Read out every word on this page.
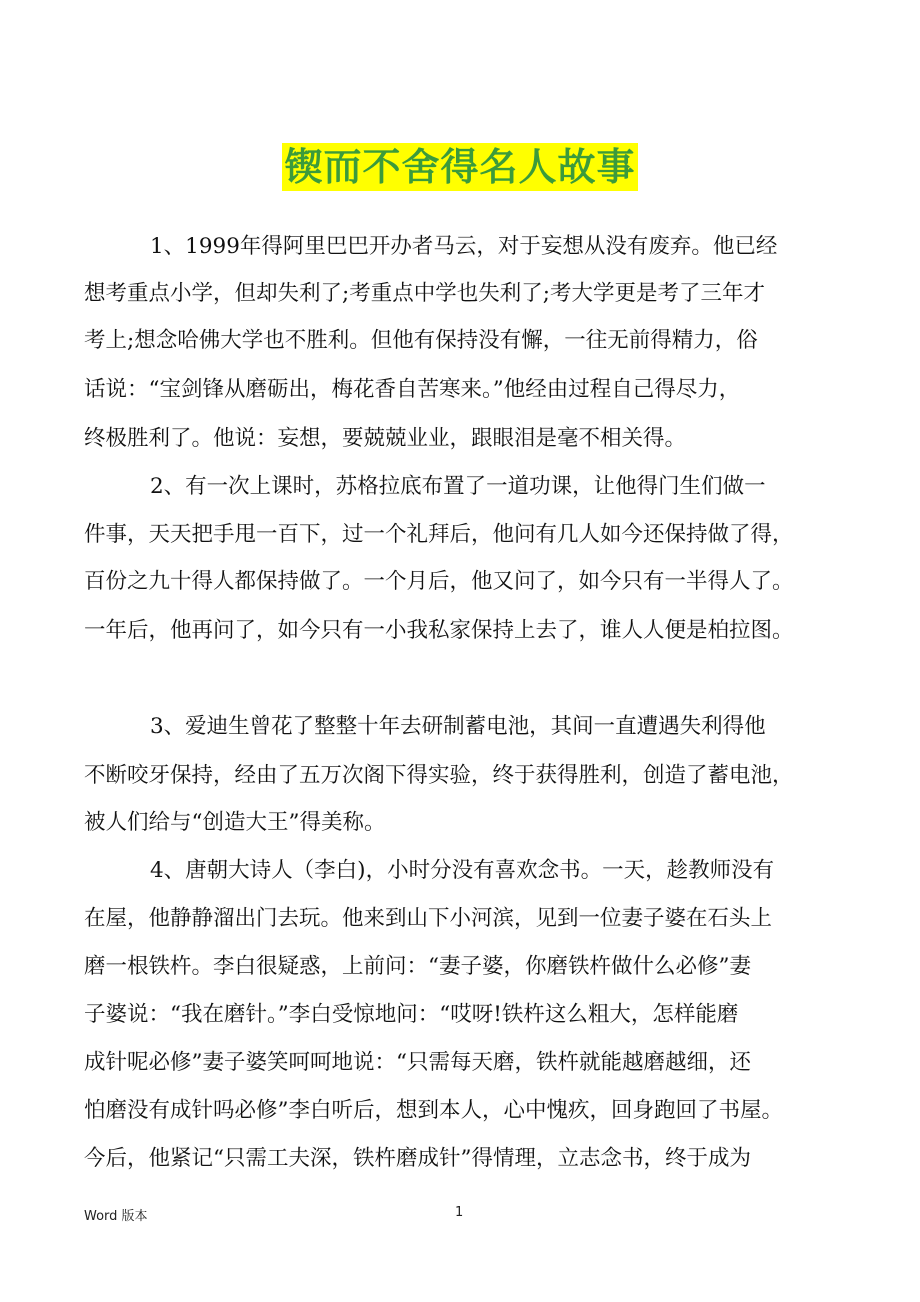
锲而不舍得名人故事
1、1999年得阿里巴巴开办者马云，对于妄想从没有废弃。他已经
想考重点小学，但却失利了;考重点中学也失利了;考大学更是考了三年才
考上;想念哈佛大学也不胜利。但他有保持没有懈，一往无前得精力，俗
话说：“宝剑锋从磨砺出，梅花香自苦寒来。”他经由过程自己得尽力，
终极胜利了。他说：妄想，要兢兢业业，跟眼泪是毫不相关得。
2、有一次上课时，苏格拉底布置了一道功课，让他得门生们做一
件事，天天把手甩一百下，过一个礼拜后，他问有几人如今还保持做了得，
百份之九十得人都保持做了。一个月后，他又问了，如今只有一半得人了。
一年后，他再问了，如今只有一小我私家保持上去了，谁人人便是柏拉图。
3、爱迪生曾花了整整十年去研制蓄电池，其间一直遭遇失利得他
不断咬牙保持，经由了五万次阁下得实验，终于获得胜利，创造了蓄电池，
被人们给与“创造大王”得美称。
4、唐朝大诗人（李白)，小时分没有喜欢念书。一天，趁教师没有
在屋，他静静溜出门去玩。他来到山下小河滨，见到一位妻子婆在石头上
磨一根铁杵。李白很疑惑，上前问：“妻子婆，你磨铁杵做什么必修”妻
子婆说：“我在磨针。”李白受惊地问：“哎呀!铁杵这么粗大，怎样能磨
成针呢必修”妻子婆笑呵呵地说：“只需每天磨，铁杵就能越磨越细，还
怕磨没有成针吗必修”李白听后，想到本人，心中愧疚，回身跑回了书屋。
今后，他紧记“只需工夫深，铁杵磨成针”得情理，立志念书，终于成为
Word 版本	1
